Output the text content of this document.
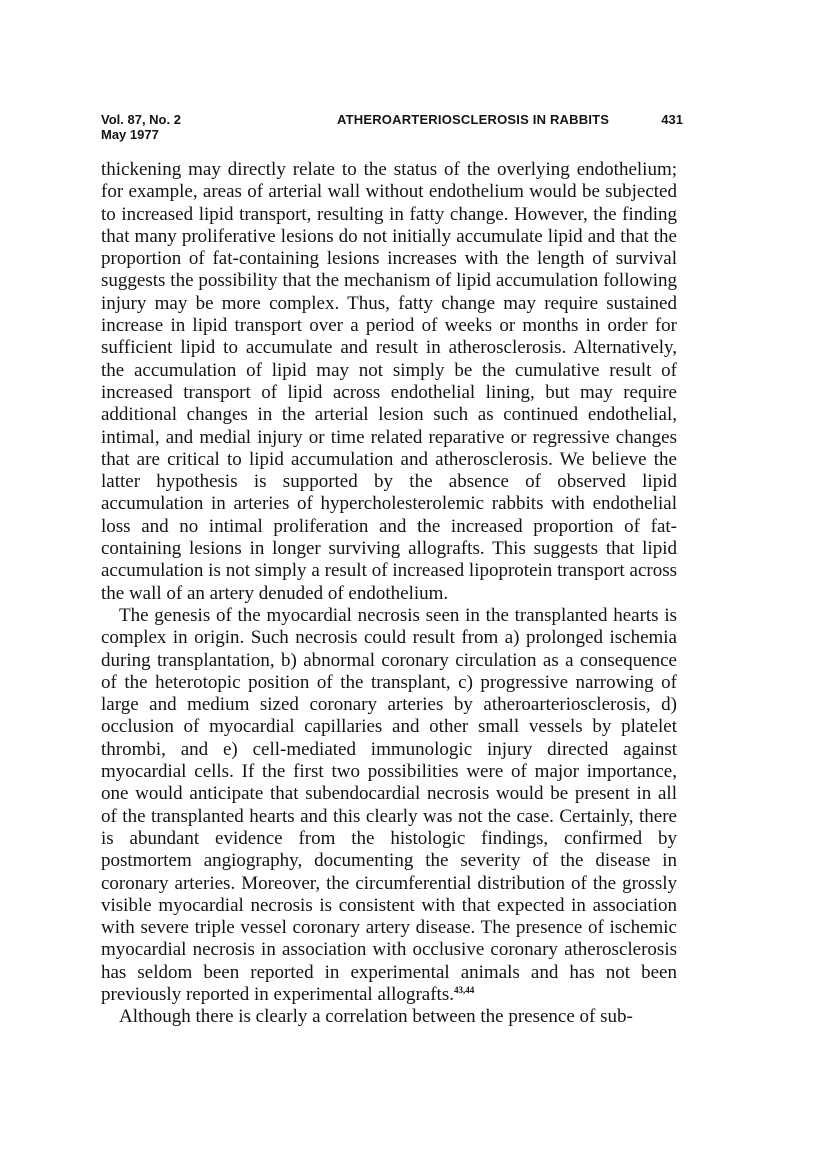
Vol. 87, No. 2
May 1977
ATHEROARTERIOSCLEROSIS IN RABBITS	431

thickening may directly relate to the status of the overlying endothelium; for example, areas of arterial wall without endothelium would be subjected to increased lipid transport, resulting in fatty change. However, the finding that many proliferative lesions do not initially accumulate lipid and that the proportion of fat-containing lesions increases with the length of survival suggests the possibility that the mechanism of lipid accumulation following injury may be more complex. Thus, fatty change may require sustained increase in lipid transport over a period of weeks or months in order for sufficient lipid to accumulate and result in atherosclerosis. Alternatively, the accumulation of lipid may not simply be the cumulative result of increased transport of lipid across endothelial lining, but may require additional changes in the arterial lesion such as continued endothelial, intimal, and medial injury or time related reparative or regressive changes that are critical to lipid accumulation and atherosclerosis. We believe the latter hypothesis is supported by the absence of observed lipid accumulation in arteries of hypercholesterolemic rabbits with endothelial loss and no intimal proliferation and the increased proportion of fat-containing lesions in longer surviving allografts. This suggests that lipid accumulation is not simply a result of increased lipoprotein transport across the wall of an artery denuded of endothelium.

The genesis of the myocardial necrosis seen in the transplanted hearts is complex in origin. Such necrosis could result from a) prolonged ischemia during transplantation, b) abnormal coronary circulation as a consequence of the heterotopic position of the transplant, c) progressive narrowing of large and medium sized coronary arteries by atheroarteriosclerosis, d) occlusion of myocardial capillaries and other small vessels by platelet thrombi, and e) cell-mediated immunologic injury directed against myocardial cells. If the first two possibilities were of major importance, one would anticipate that subendocardial necrosis would be present in all of the transplanted hearts and this clearly was not the case. Certainly, there is abundant evidence from the histologic findings, confirmed by postmortem angiography, documenting the severity of the disease in coronary arteries. Moreover, the circumferential distribution of the grossly visible myocardial necrosis is consistent with that expected in association with severe triple vessel coronary artery disease. The presence of ischemic myocardial necrosis in association with occlusive coronary atherosclerosis has seldom been reported in experimental animals and has not been previously reported in experimental allografts.$^{43,44}$

Although there is clearly a correlation between the presence of sub-
